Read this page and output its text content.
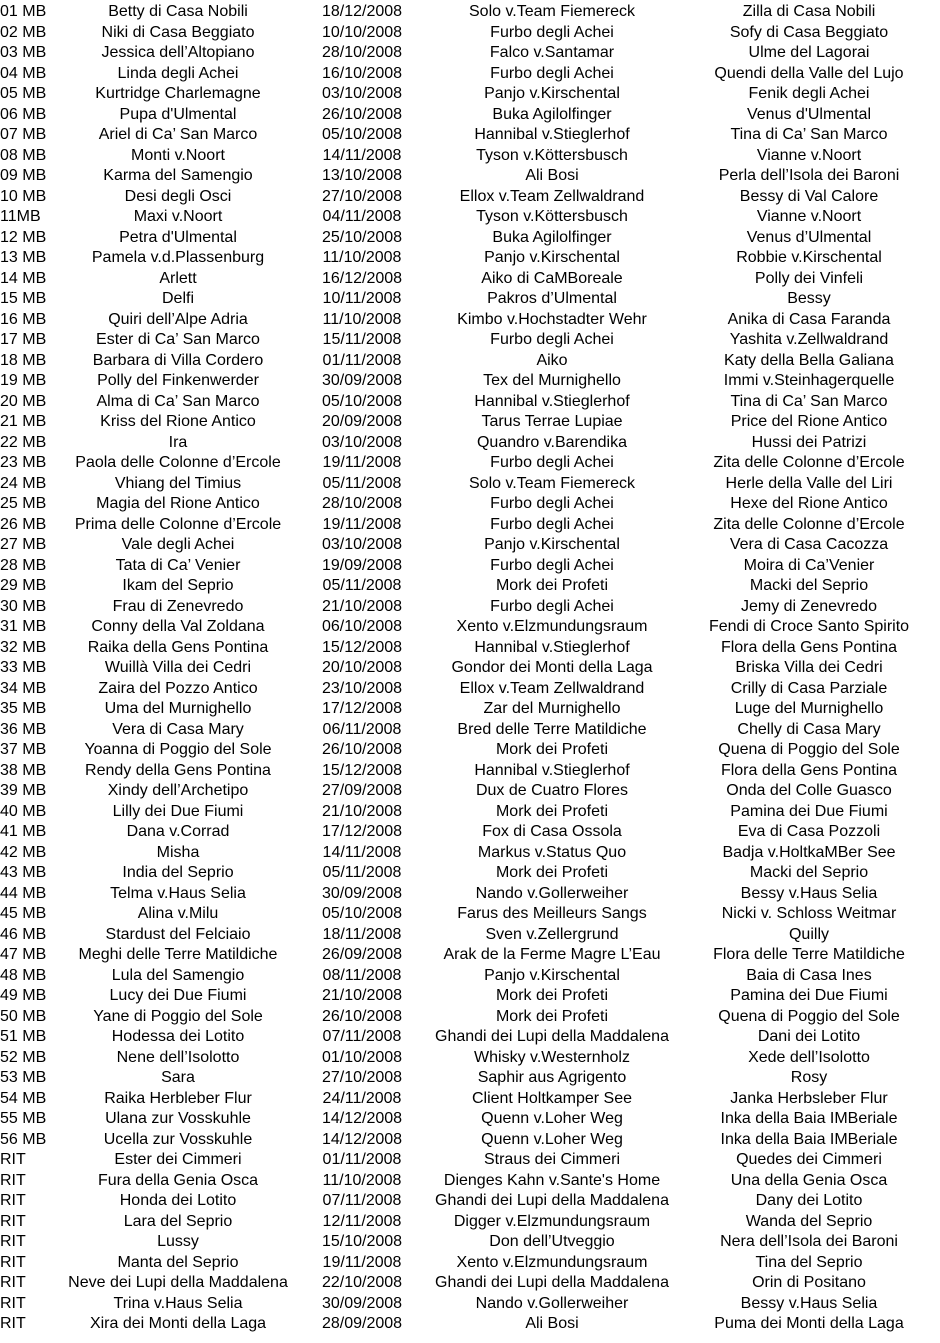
01 MB	Betty di Casa Nobili	18/12/2008	Solo v.Team Fiemereck	Zilla di Casa Nobili
02 MB	Niki di Casa Beggiato	10/10/2008	Furbo degli Achei	Sofy di Casa Beggiato
03 MB	Jessica dell’Altopiano	28/10/2008	Falco v.Santamar	Ulme del Lagorai
04 MB	Linda degli Achei	16/10/2008	Furbo degli Achei	Quendi della Valle del Lujo
05 MB	Kurtridge Charlemagne	03/10/2008	Panjo v.Kirschental	Fenik degli Achei
06 MB	Pupa d'Ulmental	26/10/2008	Buka Agilolfinger	Venus d'Ulmental
07 MB	Ariel di Ca’ San Marco	05/10/2008	Hannibal v.Stieglerhof	Tina di Ca’ San Marco
08 MB	Monti v.Noort	14/11/2008	Tyson v.Köttersbusch	Vianne v.Noort
09 MB	Karma del Samengio	13/10/2008	Ali Bosi	Perla dell’Isola dei Baroni
10 MB	Desi degli Osci	27/10/2008	Ellox v.Team Zellwaldrand	Bessy di Val Calore
11MB	Maxi v.Noort	04/11/2008	Tyson v.Köttersbusch	Vianne v.Noort
12 MB	Petra d'Ulmental	25/10/2008	Buka Agilolfinger	Venus d’Ulmental
13 MB	Pamela v.d.Plassenburg	11/10/2008	Panjo v.Kirschental	Robbie v.Kirschental
14 MB	Arlett	16/12/2008	Aiko di CaMBoreale	Polly dei Vinfeli
15 MB	Delfi	10/11/2008	Pakros d’Ulmental	Bessy
16 MB	Quiri dell’Alpe Adria	11/10/2008	Kimbo v.Hochstadter Wehr	Anika di Casa Faranda
17 MB	Ester di Ca’ San Marco	15/11/2008	Furbo degli Achei	Yashita v.Zellwaldrand
18 MB	Barbara di Villa Cordero	01/11/2008	Aiko	Katy della Bella Galiana
19 MB	Polly del Finkenwerder	30/09/2008	Tex del Murnighello	Immi v.Steinhagerquelle
20 MB	Alma di Ca’ San Marco	05/10/2008	Hannibal v.Stieglerhof	Tina di Ca’ San Marco
21 MB	Kriss del Rione Antico	20/09/2008	Tarus Terrae Lupiae	Price del Rione Antico
22 MB	Ira	03/10/2008	Quandro v.Barendika	Hussi dei Patrizi
23 MB	Paola delle Colonne d’Ercole	19/11/2008	Furbo degli Achei	Zita delle Colonne d’Ercole
24 MB	Vhiang del Timius	05/11/2008	Solo v.Team Fiemereck	Herle della Valle del Liri
25 MB	Magia del Rione Antico	28/10/2008	Furbo degli Achei	Hexe del Rione Antico
26 MB	Prima delle Colonne d’Ercole	19/11/2008	Furbo degli Achei	Zita delle Colonne d’Ercole
27 MB	Vale degli Achei	03/10/2008	Panjo v.Kirschental	Vera di Casa Cacozza
28 MB	Tata di Ca’ Venier	19/09/2008	Furbo degli Achei	Moira di Ca’Venier
29 MB	Ikam del Seprio	05/11/2008	Mork dei Profeti	Macki del Seprio
30 MB	Frau di Zenevredo	21/10/2008	Furbo degli Achei	Jemy di Zenevredo
31 MB	Conny della Val Zoldana	06/10/2008	Xento v.Elzmundungsraum	Fendi di Croce Santo Spirito
32 MB	Raika della Gens Pontina	15/12/2008	Hannibal v.Stieglerhof	Flora della Gens Pontina
33 MB	Wuillà Villa dei Cedri	20/10/2008	Gondor dei Monti della Laga	Briska Villa dei Cedri
34 MB	Zaira del Pozzo Antico	23/10/2008	Ellox v.Team Zellwaldrand	Crilly di Casa Parziale
35 MB	Uma del Murnighello	17/12/2008	Zar del Murnighello	Luge del Murnighello
36 MB	Vera di Casa Mary	06/11/2008	Bred delle Terre Matildiche	Chelly di Casa Mary
37 MB	Yoanna di Poggio del Sole	26/10/2008	Mork dei Profeti	Quena di Poggio del Sole
38 MB	Rendy della Gens Pontina	15/12/2008	Hannibal v.Stieglerhof	Flora della Gens Pontina
39 MB	Xindy dell’Archetipo	27/09/2008	Dux de Cuatro Flores	Onda del Colle Guasco
40 MB	Lilly dei Due Fiumi	21/10/2008	Mork dei Profeti	Pamina dei Due Fiumi
41 MB	Dana v.Corrad	17/12/2008	Fox di Casa Ossola	Eva di Casa Pozzoli
42 MB	Misha	14/11/2008	Markus v.Status Quo	Badja v.HoltkaMBer See
43 MB	India del Seprio	05/11/2008	Mork dei Profeti	Macki del Seprio
44 MB	Telma v.Haus Selia	30/09/2008	Nando v.Gollerweiher	Bessy v.Haus Selia
45 MB	Alina v.Milu	05/10/2008	Farus des Meilleurs Sangs	Nicki v. Schloss Weitmar
46 MB	Stardust del Felciaio	18/11/2008	Sven v.Zellergrund	Quilly
47 MB	Meghi delle Terre Matildiche	26/09/2008	Arak de la Ferme Magre L’Eau	Flora delle Terre Matildiche
48 MB	Lula del Samengio	08/11/2008	Panjo v.Kirschental	Baia di Casa Ines
49 MB	Lucy dei Due Fiumi	21/10/2008	Mork dei Profeti	Pamina dei Due Fiumi
50 MB	Yane di Poggio del Sole	26/10/2008	Mork dei Profeti	Quena di Poggio del Sole
51 MB	Hodessa dei Lotito	07/11/2008	Ghandi dei Lupi della Maddalena	Dani dei Lotito
52 MB	Nene dell’Isolotto	01/10/2008	Whisky v.Westernholz	Xede dell’Isolotto
53 MB	Sara	27/10/2008	Saphir aus Agrigento	Rosy
54 MB	Raika Herbleber Flur	24/11/2008	Client Holtkamper See	Janka Herbsleber Flur
55 MB	Ulana zur Vosskuhle	14/12/2008	Quenn v.Loher Weg	Inka della Baia IMBeriale
56 MB	Ucella zur Vosskuhle	14/12/2008	Quenn v.Loher Weg	Inka della Baia IMBeriale
RIT	Ester dei Cimmeri	01/11/2008	Straus dei Cimmeri	Quedes dei Cimmeri
RIT	Fura della Genia Osca	11/10/2008	Dienges Kahn v.Sante's Home	Una della Genia Osca
RIT	Honda dei Lotito	07/11/2008	Ghandi dei Lupi della Maddalena	Dany dei Lotito
RIT	Lara del Seprio	12/11/2008	Digger v.Elzmundungsraum	Wanda del Seprio
RIT	Lussy	15/10/2008	Don dell’Utveggio	Nera dell’Isola dei Baroni
RIT	Manta del Seprio	19/11/2008	Xento v.Elzmundungsraum	Tina del Seprio
RIT	Neve dei Lupi della Maddalena	22/10/2008	Ghandi dei Lupi della Maddalena	Orin di Positano
RIT	Trina v.Haus Selia	30/09/2008	Nando v.Gollerweiher	Bessy v.Haus Selia
RIT	Xira dei Monti della Laga	28/09/2008	Ali Bosi	Puma dei Monti della Laga
